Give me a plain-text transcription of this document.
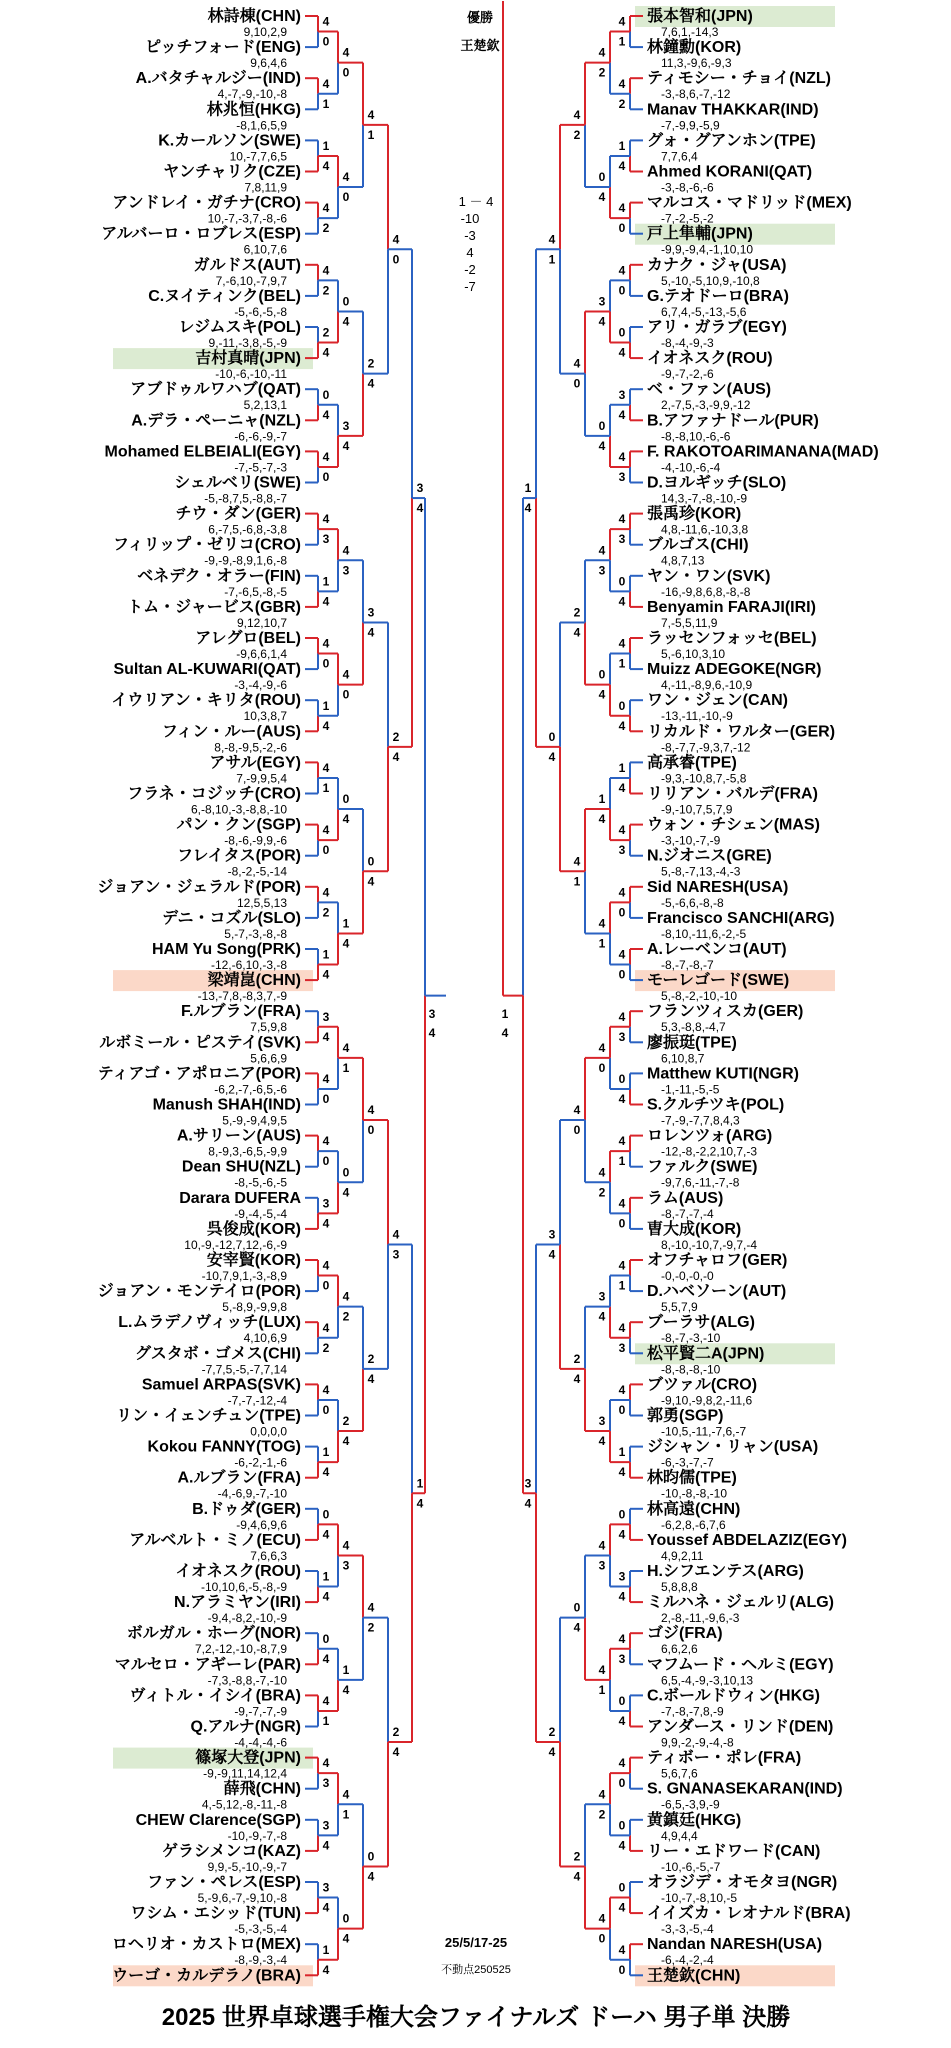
林詩棟(CHN)
ピッチフォード(ENG)
A.バタチャルジー(IND)
林兆恒(HKG)
K.カールソン(SWE)
ヤンチャリク(CZE)
アンドレイ・ガチナ(CRO)
アルバーロ・ロブレス(ESP)
ガルドス(AUT)
C.ヌイティンク(BEL)
レジムスキ(POL)
吉村真晴(JPN)
アブドゥルワハブ(QAT)
A.デラ・ペーニャ(NZL)
Mohamed ELBEIALI(EGY)
シェルベリ(SWE)
チウ・ダン(GER)
フィリップ・ゼリコ(CRO)
ベネデク・オラー(FIN)
トム・ジャービス(GBR)
アレグロ(BEL)
Sultan AL-KUWARI(QAT)
イウリアン・キリタ(ROU)
フィン・ルー(AUS)
アサル(EGY)
フラネ・コジッチ(CRO)
パン・クン(SGP)
フレイタス(POR)
ジョアン・ジェラルド(POR)
デニ・コズル(SLO)
HAM Yu Song(PRK)
梁靖崑(CHN)
F.ルブラン(FRA)
ルボミール・ピステイ(SVK)
ティアゴ・アポロニア(POR)
Manush SHAH(IND)
A.サリーン(AUS)
Dean SHU(NZL)
Darara DUFERA
呉俊成(KOR)
安宰賢(KOR)
ジョアン・モンテイロ(POR)
L.ムラデノヴィッチ(LUX)
グスタボ・ゴメス(CHI)
Samuel ARPAS(SVK)
リン・イェンチュン(TPE)
Kokou FANNY(TOG)
A.ルブラン(FRA)
B.ドゥダ(GER)
アルベルト・ミノ(ECU)
イオネスク(ROU)
N.アラミヤン(IRI)
ボルガル・ホーグ(NOR)
マルセロ・アギーレ(PAR)
ヴィトル・イシイ(BRA)
Q.アルナ(NGR)
篠塚大登(JPN)
薛飛(CHN)
CHEW Clarence(SGP)
ゲラシメンコ(KAZ)
ファン・ペレス(ESP)
ワシム・エシッド(TUN)
ロヘリオ・カストロ(MEX)
ウーゴ・カルデラノ(BRA)
9,10,2,9
9,6,4,6
4,-7,-9,-10,-8
-8,1,6,5,9
10,-7,7,6,5
7,8,11,9
10,-7,-3,7,-8,-6
6,10,7,6
7,-6,10,-7,9,7
-5,-6,-5,-8
9,-11,-3,8,-5,-9
-10,-6,-10,-11
5,2,13,1
-6,-6,-9,-7
-7,-5,-7,-3
-5,-8,7,5,-8,8,-7
6,-7,5,-6,8,-3,8
-9,-9,-8,9,1,6,-8
-7,-6,5,-8,-5
9,12,10,7
-9,6,6,1,4
-3,-4,-9,-6
10,3,8,7
8,-8,-9,5,-2,-6
7,-9,9,5,4
6,-8,10,-3,-8,8,-10
-8,-6,-9,9,-6
-8,-2,-5,-14
12,5,5,13
5,-7,-3,-8,-8
-12,-6,10,-3,-8
-13,-7,8,-8,3,7,-9
7,5,9,8
5,6,6,9
-6,2,-7,-6,5,-6
5,-9,-9,4,9,5
8,-9,3,-6,5,-9,9
-8,-5,-6,-5
-9,-4,-5,-4
10,-9,-12,7,12,-6,-9
-10,7,9,1,-3,-8,9
5,-8,9,-9,9,8
4,10,6,9
-7,7,5,-5,-7,7,14
-7,-7,-12,-4
0,0,0,0
-6,-2,-1,-6
-4,-6,9,-7,-10
-9,4,6,9,6
7,6,6,3
-10,10,6,-5,-8,-9
-9,4,-8,2,-10,-9
7,2,-12,-10,-8,7,9
-7,3,-8,8,-7,-10
-9,-7,-7,-9
-4,-4,-4,-6
-9,-9,11,14,12,4
4,-5,12,-8,-11,-8
-10,-9,-7,-8
9,9,-5,-10,-9,-7
5,-9,6,-7,-9,10,-8
-5,-3,-5,-4
-8,-9,-3,-4
4
0
4
1
1
4
4
2
4
2
2
4
0
4
4
0
4
3
1
4
4
0
1
4
4
1
4
0
4
2
1
4
3
4
4
0
4
0
3
4
4
0
4
2
4
0
1
4
0
4
1
4
0
4
4
1
4
3
3
4
3
4
1
4
4
0
4
0
0
4
3
4
4
3
4
0
0
4
1
4
4
1
0
4
4
2
2
4
4
3
1
4
4
1
0
4
4
1
2
4
3
4
0
4
4
0
2
4
4
2
0
4
4
0
2
4
4
3
2
4
3
4
1
4
張本智和(JPN)
林鐘勳(KOR)
ティモシー・チョイ(NZL)
Manav THAKKAR(IND)
グォ・グアンホン(TPE)
Ahmed KORANI(QAT)
マルコス・マドリッド(MEX)
戸上隼輔(JPN)
カナク・ジャ(USA)
G.テオドーロ(BRA)
アリ・ガラブ(EGY)
イオネスク(ROU)
ベ・ファン(AUS)
B.アファナドール(PUR)
F. RAKOTOARIMANANA(MAD)
D.ヨルギッチ(SLO)
張禹珍(KOR)
ブルゴス(CHI)
ヤン・ワン(SVK)
Benyamin FARAJI(IRI)
ラッセンフォッセ(BEL)
Muizz ADEGOKE(NGR)
ワン・ジェン(CAN)
リカルド・ワルター(GER)
高承睿(TPE)
リリアン・バルデ(FRA)
ウォン・チシェン(MAS)
N.ジオニス(GRE)
Sid NARESH(USA)
Francisco SANCHI(ARG)
A.レーベンコ(AUT)
モーレゴード(SWE)
フランツィスカ(GER)
廖振珽(TPE)
Matthew KUTI(NGR)
S.クルチツキ(POL)
ロレンツォ(ARG)
ファルク(SWE)
ラム(AUS)
曺大成(KOR)
オフチャロフ(GER)
D.ハベソーン(AUT)
ブーラサ(ALG)
松平賢二A(JPN)
ブツァル(CRO)
郭勇(SGP)
ジシャン・リャン(USA)
林昀儒(TPE)
林高遠(CHN)
Youssef ABDELAZIZ(EGY)
H.シフエンテス(ARG)
ミルハネ・ジェルリ(ALG)
ゴジ(FRA)
マフムード・ヘルミ(EGY)
C.ボールドウィン(HKG)
アンダース・リンド(DEN)
ティボー・ポレ(FRA)
S. GNANASEKARAN(IND)
黄鎮廷(HKG)
リー・エドワード(CAN)
オラジデ・オモタヨ(NGR)
イイズカ・レオナルド(BRA)
Nandan NARESH(USA)
王楚欽(CHN)
7,6,1,-14,3
11,3,-9,6,-9,3
-3,-8,6,-7,-12
-7,-9,9,-5,9
7,7,6,4
-3,-8,-6,-6
-7,-2,-5,-2
-9,9,-9,4,-1,10,10
5,-10,-5,10,9,-10,8
6,7,4,-5,-13,-5,6
-8,-4,-9,-3
-9,-7,-2,-6
2,-7,5,-3,-9,9,-12
-8,-8,10,-6,-6
-4,-10,-6,-4
14,3,-7,-8,-10,-9
4,8,-11,6,-10,3,8
4,8,7,13
-16,-9,8,6,8,-8,-8
7,-5,5,11,9
5,-6,10,3,10
4,-11,-8,9,6,-10,9
-13,-11,-10,-9
-8,-7,7,-9,3,7,-12
-9,3,-10,8,7,-5,8
-9,-10,7,5,7,9
-3,-10,-7,-9
5,-8,-7,13,-4,-3
-5,-6,6,-8,-8
-8,10,-11,6,-2,-5
-8,-7,-8,-7
5,-8,-2,-10,-10
5,3,-8,8,-4,7
6,10,8,7
-1,-11,-5,-5
-7,-9,-7,7,8,4,3
-12,-8,-2,2,10,7,-3
-9,7,6,-11,-7,-8
-8,-7,-7,-4
8,-10,-10,7,-9,7,-4
-0,-0,-0,-0
5,5,7,9
-8,-7,-3,-10
-8,-8,-8,-10
-9,10,-9,8,2,-11,6
-10,5,-11,-7,6,-7
-6,-3,-7,-7
-10,-8,-8,-10
-6,2,8,-6,7,6
4,9,2,11
5,8,8,8
2,-8,-11,-9,6,-3
6,6,2,6
6,5,-4,-9,-3,10,13
-7,-8,-7,8,-9
9,9,-2,-9,-4,-8
5,6,7,6
-6,5,-3,9,-9
4,9,4,4
-10,-6,-5,-7
-10,-7,-8,10,-5
-3,-3,-5,-4
-6,-4,-2,-4
4
1
4
2
1
4
4
0
4
0
0
4
3
4
4
3
4
3
0
4
4
1
0
4
1
4
4
3
4
0
4
0
4
3
0
4
4
1
4
0
4
1
4
3
4
0
1
4
0
4
3
4
4
3
0
4
4
0
0
4
0
4
4
0
4
2
0
4
3
4
0
4
4
3
0
4
1
4
4
1
4
0
4
2
3
4
3
4
4
3
4
1
4
2
4
0
4
2
4
0
2
4
4
1
4
0
2
4
0
4
2
4
4
1
0
4
3
4
2
4
1
4
3
4
優勝
王楚欽
1 － 4
-10
-3
4
-2
-7
3	1
4	4
25/5/17-25
不動点250525
2025 世界卓球選手権大会ファイナルズ ドーハ 男子単 決勝
